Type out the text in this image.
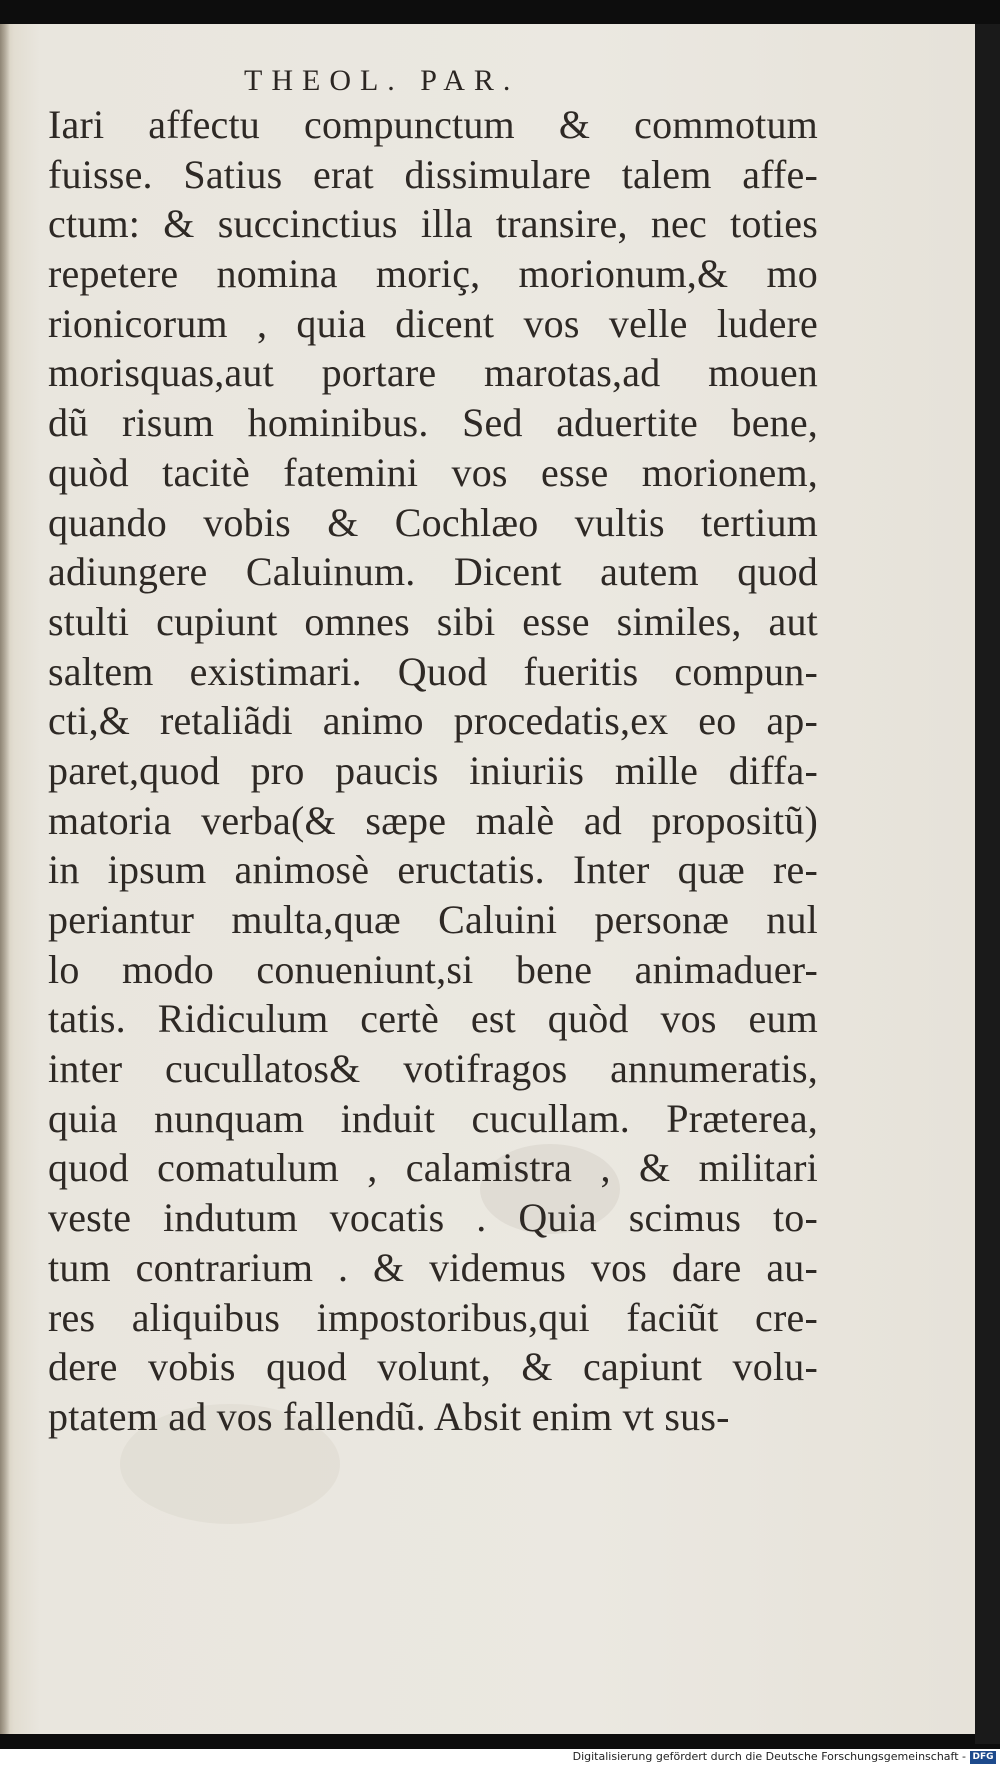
THEOL. PAR.
Iari affectu compunctum & commotum
fuisse. Satius erat dissimulare talem affe-
ctum: & succinctius illa transire, nec toties
repetere nomina moriç, morionum,& mo
rionicorum , quia dicent vos velle ludere
morisquas,aut portare marotas,ad mouen
dũ risum hominibus. Sed aduertite bene,
quòd tacitè fatemini vos esse morionem,
quando vobis & Cochlæo vultis tertium
adiungere Caluinum. Dicent autem quod
stulti cupiunt omnes sibi esse similes, aut
saltem existimari. Quod fueritis compun-
cti,& retaliãdi animo procedatis,ex eo ap-
paret,quod pro paucis iniuriis mille diffa-
matoria verba(& sæpe malè ad propositũ)
in ipsum animosè eructatis. Inter quæ re-
periantur multa,quæ Caluini personæ nul
lo modo conueniunt,si bene animaduer-
tatis. Ridiculum certè est quòd vos eum
inter cucullatos& votifragos annumeratis,
quia nunquam induit cucullam. Præterea,
quod comatulum , calamistra , & militari
veste indutum vocatis . Quia scimus to-
tum contrarium . & videmus vos dare au-
res aliquibus impostoribus,qui faciũt cre-
dere vobis quod volunt, & capiunt volu-
ptatem ad vos fallendũ. Absit enim vt sus-
Digitalisierung gefördert durch die Deutsche Forschungsgemeinschaft - DFG
